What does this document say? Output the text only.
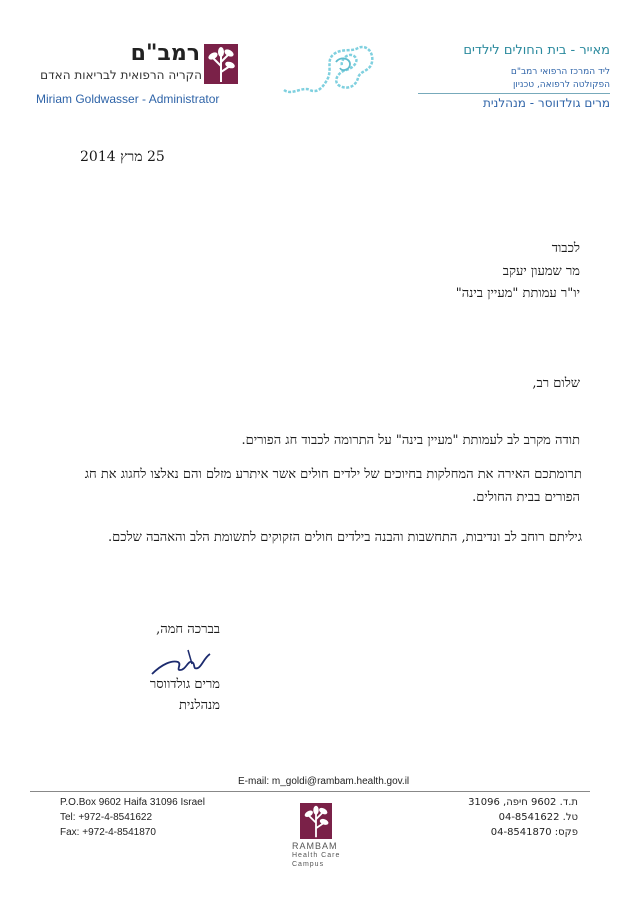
רמב"ם
הקריה הרפואית לבריאות האדם
Miriam Goldwasser - Administrator
מאייר - בית החולים לילדים
ליד המרכז הרפואי רמב"ם
הפקולטה לרפואה, טכניון
מרים גולדווסר - מנהלנית
25 מרץ 2014
לכבוד
מר שמעון יעקב
יו"ר עמותת "מעיין בינה"
שלום רב,
תודה מקרב לב לעמותת "מעיין בינה" על התרומה לכבוד חג הפורים.
תרומתכם האירה את המחלקות בחיוכים של ילדים חולים אשר איתרע מזלם והם נאלצו לחגוג את חג
הפורים בבית החולים.
גיליתם רוחב לב ונדיבות, התחשבות והבנה בילדים חולים הזקוקים לתשומת הלב והאהבה שלכם.
בברכה חמה,
מרים גולדווסר
מנהלנית
E-mail: m_goldi@rambam.health.gov.il
P.O.Box 9602 Haifa 31096 Israel
Tel: +972-4-8541622
Fax: +972-4-8541870
RAMBAM
Health Care
Campus
ת.ד. 9602 חיפה, 31096
טל. 04-8541622
פקס: 04-8541870
